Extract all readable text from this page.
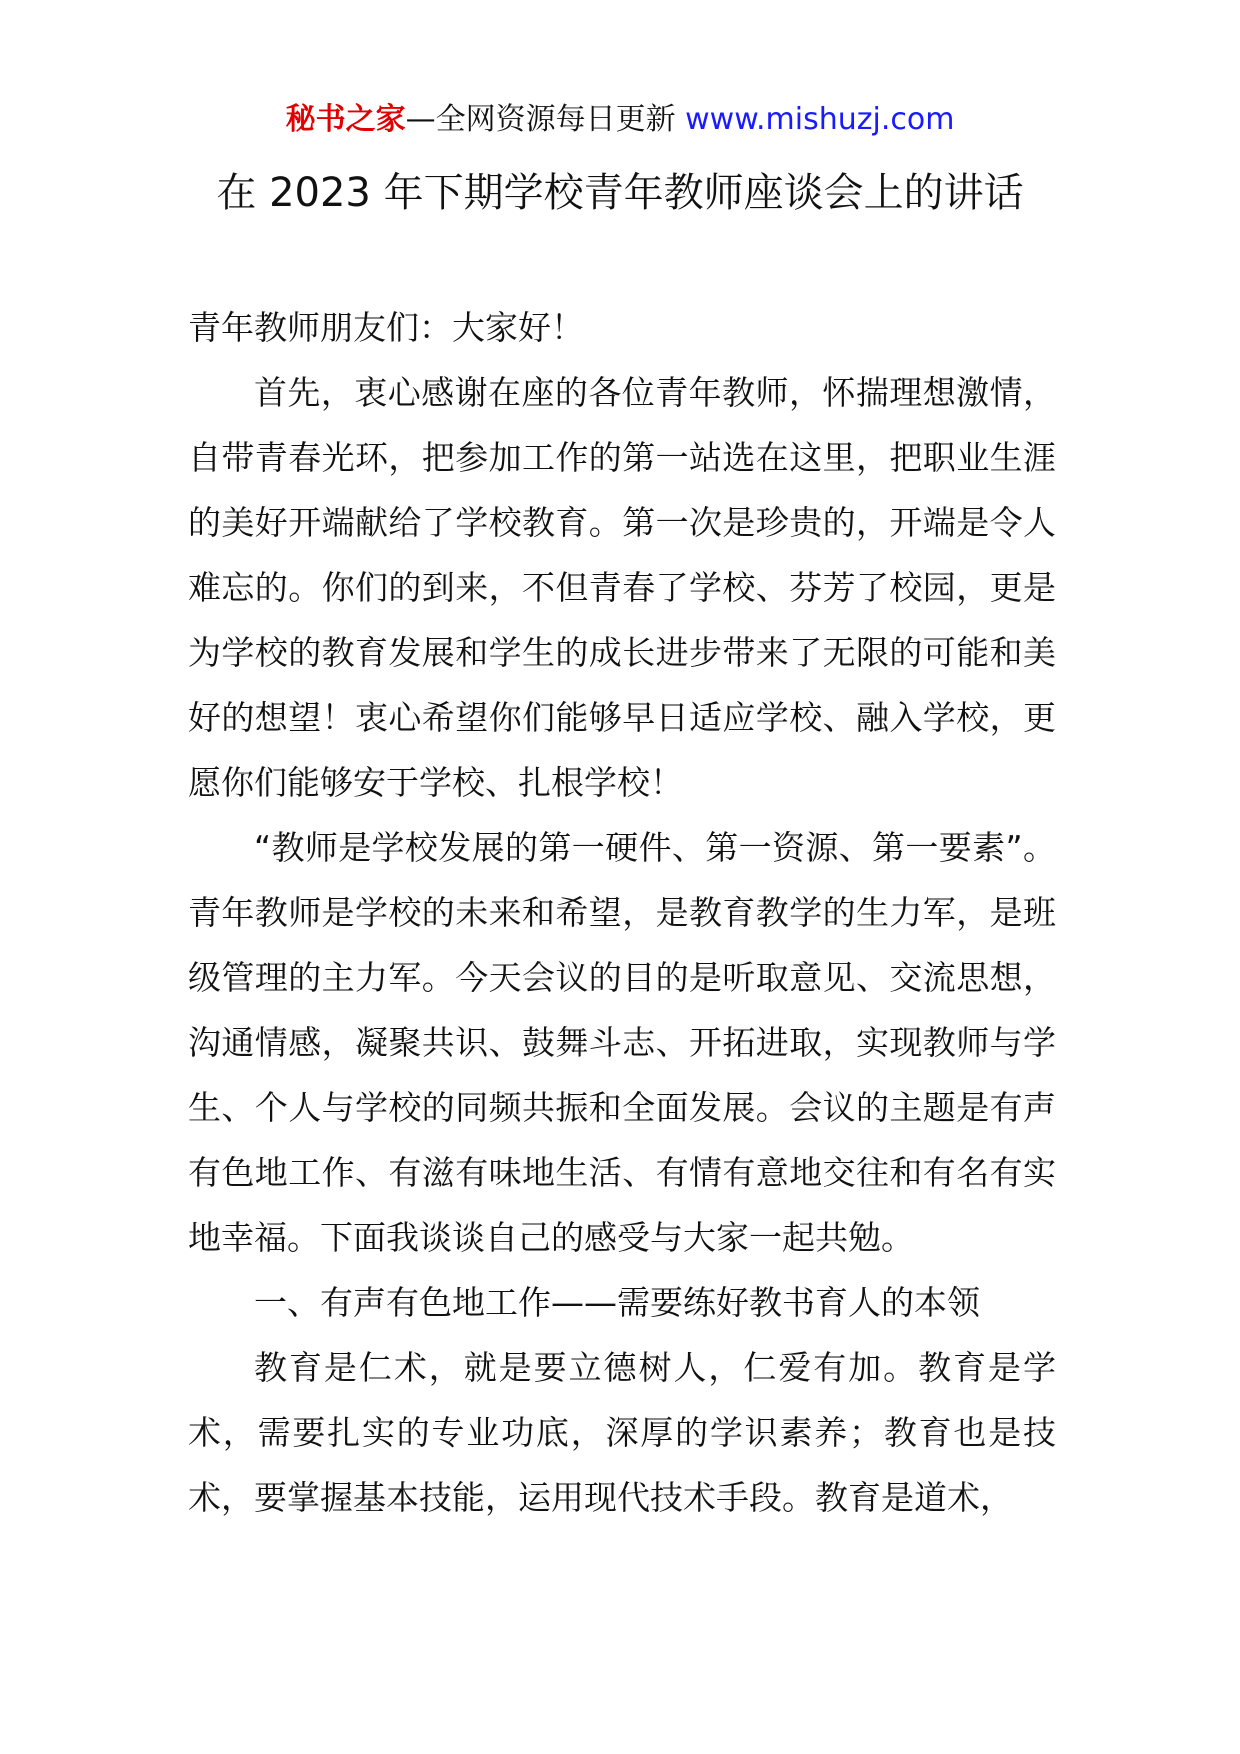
秘书之家—全网资源每日更新 www.mishuzj.com
在 2023 年下期学校青年教师座谈会上的讲话

青年教师朋友们：大家好！

首先，衷心感谢在座的各位青年教师，怀揣理想激情，自带青春光环，把参加工作的第一站选在这里，把职业生涯的美好开端献给了学校教育。第一次是珍贵的，开端是令人难忘的。你们的到来，不但青春了学校、芬芳了校园，更是为学校的教育发展和学生的成长进步带来了无限的可能和美好的想望！衷心希望你们能够早日适应学校、融入学校，更愿你们能够安于学校、扎根学校！

“教师是学校发展的第一硬件、第一资源、第一要素”。青年教师是学校的未来和希望，是教育教学的生力军，是班级管理的主力军。今天会议的目的是听取意见、交流思想，沟通情感，凝聚共识、鼓舞斗志、开拓进取，实现教师与学生、个人与学校的同频共振和全面发展。会议的主题是有声有色地工作、有滋有味地生活、有情有意地交往和有名有实地幸福。下面我谈谈自己的感受与大家一起共勉。

一、有声有色地工作——需要练好教书育人的本领

教育是仁术，就是要立德树人，仁爱有加。教育是学术，需要扎实的专业功底，深厚的学识素养；教育也是技术，要掌握基本技能，运用现代技术手段。教育是道术，
